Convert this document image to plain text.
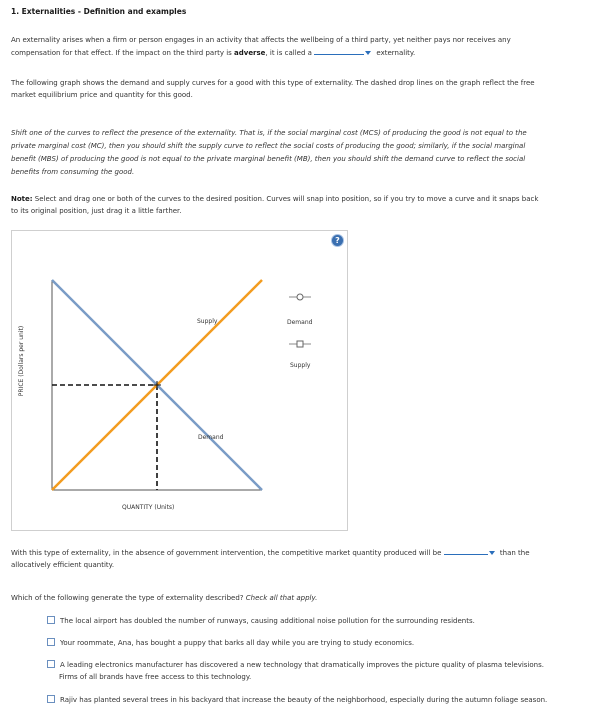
1. Externalities - Definition and examples
An externality arises when a firm or person engages in an activity that affects the wellbeing of a third party, yet neither pays nor receives any
compensation for that effect. If the impact on the third party is adverse, it is called a	externality.
The following graph shows the demand and supply curves for a good with this type of externality. The dashed drop lines on the graph reflect the free
market equilibrium price and quantity for this good.
Shift one of the curves to reflect the presence of the externality. That is, if the social marginal cost (MCS) of producing the good is not equal to the
private marginal cost (MC), then you should shift the supply curve to reflect the social costs of producing the good; similarly, if the social marginal
benefit (MBS) of producing the good is not equal to the private marginal benefit (MB), then you should shift the demand curve to reflect the social
benefits from consuming the good.
Note: Select and drag one or both of the curves to the desired position. Curves will snap into position, so if you try to move a curve and it snaps back
to its original position, just drag it a little farther.
?
PRICE (Dollars per unit)
QUANTITY (Units)
Supply
Demand
Demand
Supply
With this type of externality, in the absence of government intervention, the competitive market quantity produced will be	than the
allocatively efficient quantity.
Which of the following generate the type of externality described? Check all that apply.
The local airport has doubled the number of runways, causing additional noise pollution for the surrounding residents.
Your roommate, Ana, has bought a puppy that barks all day while you are trying to study economics.
A leading electronics manufacturer has discovered a new technology that dramatically improves the picture quality of plasma televisions.
Firms of all brands have free access to this technology.
Rajiv has planted several trees in his backyard that increase the beauty of the neighborhood, especially during the autumn foliage season.
